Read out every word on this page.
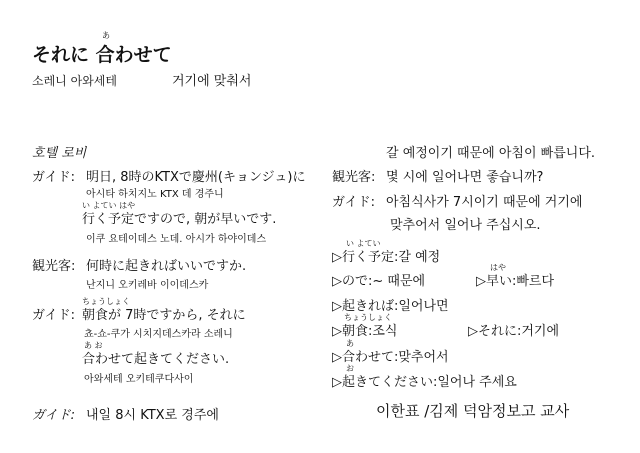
あ
それに 合わせて
소레니 아와세테	거기에 맞춰서
호텔 로비
ガイド: 明日, 8時のKTXで慶州(キョンジュ)に
아시타 하치지노 KTX 데 경주니
い よてい はや
行く予定ですので, 朝が早いです.
이쿠 요테이데스 노데. 아시가 하야이데스
観光客: 何時に起きればいいですか.
난지니 오키레바 이이데스카
ちょうしょく
ガイド: 朝食が 7時ですから, それに
쵸-쇼-쿠가 시치지데스카라 소레니
あ お
合わせて起きてください.
아와세테 오키테쿠다사이
ガイド: 내일 8시 KTX로 경주에
갈 예정이기 때문에 아침이 빠릅니다.
観光客: 몇 시에 일어나면 좋습니까?
ガイド: 아침식사가 7시이기 때문에 거기에
맞추어서 일어나 주십시오.
い よてい
▷行く予定:갈 예정
はや
▷ので:~ 때문에	▷早い:빠르다
▷起きれば:일어나면
ちょうしょく
▷朝食:조식	▷それに:거기에
あ
▷合わせて:맞추어서
お
▷起きてください:일어나 주세요
이한표 /김제 덕암정보고 교사
